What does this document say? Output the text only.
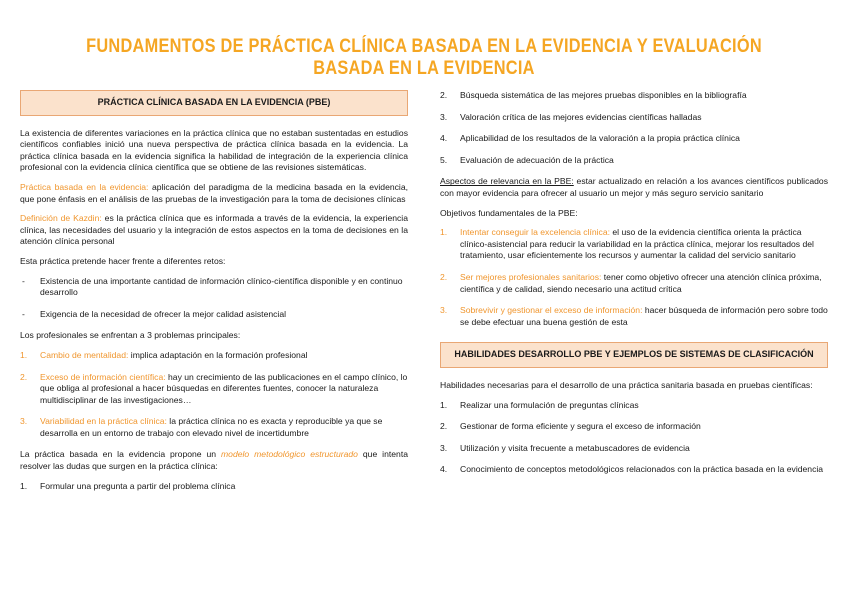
FUNDAMENTOS DE PRÁCTICA CLÍNICA BASADA EN LA EVIDENCIA Y EVALUACIÓN BASADA EN LA EVIDENCIA
PRÁCTICA CLÍNICA BASADA EN LA EVIDENCIA (PBE)

La existencia de diferentes variaciones en la práctica clínica que no estaban sustentadas en estudios científicos confiables inició una nueva perspectiva de práctica clínica basada en la evidencia. La práctica clínica basada en la evidencia significa la habilidad de integración de la experiencia clínica profesional con la evidencia clínica científica que se obtiene de las revisiones sistemáticas.

Práctica basada en la evidencia: aplicación del paradigma de la medicina basada en la evidencia, que pone énfasis en el análisis de las pruebas de la investigación para la toma de decisiones clínicas

Definición de Kazdin: es la práctica clínica que es informada a través de la evidencia, la experiencia clínica, las necesidades del usuario y la integración de estos aspectos en la toma de decisiones en la atención clínica personal

Esta práctica pretende hacer frente a diferentes retos:

- Existencia de una importante cantidad de información clínico-científica disponible y en continuo desarrollo
- Exigencia de la necesidad de ofrecer la mejor calidad asistencial

Los profesionales se enfrentan a 3 problemas principales:

1. Cambio de mentalidad: implica adaptación en la formación profesional
2. Exceso de información científica: hay un crecimiento de las publicaciones en el campo clínico, lo que obliga al profesional a hacer búsquedas en diferentes fuentes, conocer la naturaleza multidisciplinar de las investigaciones…
3. Variabilidad en la práctica clínica: la práctica clínica no es exacta y reproducible ya que se desarrolla en un entorno de trabajo con elevado nivel de incertidumbre

La práctica basada en la evidencia propone un modelo metodológico estructurado que intenta resolver las dudas que surgen en la práctica clínica:

1. Formular una pregunta a partir del problema clínica
2. Búsqueda sistemática de las mejores pruebas disponibles en la bibliografía
3. Valoración crítica de las mejores evidencias científicas halladas
4. Aplicabilidad de los resultados de la valoración a la propia práctica clínica
5. Evaluación de adecuación de la práctica

Aspectos de relevancia en la PBE: estar actualizado en relación a los avances científicos publicados con mayor evidencia para ofrecer al usuario un mejor y más seguro servicio sanitario

Objetivos fundamentales de la PBE:

1. Intentar conseguir la excelencia clínica: el uso de la evidencia científica orienta la práctica clínico-asistencial para reducir la variabilidad en la práctica clínica, mejorar los resultados del tratamiento, usar eficientemente los recursos y aumentar la calidad del servicio sanitario
2. Ser mejores profesionales sanitarios: tener como objetivo ofrecer una atención clínica próxima, científica y de calidad, siendo necesario una actitud crítica
3. Sobrevivir y gestionar el exceso de información: hacer búsqueda de información pero sobre todo se debe efectuar una buena gestión de esta
HABILIDADES DESARROLLO PBE Y EJEMPLOS DE SISTEMAS DE CLASIFICACIÓN

Habilidades necesarias para el desarrollo de una práctica sanitaria basada en pruebas científicas:

1. Realizar una formulación de preguntas clínicas
2. Gestionar de forma eficiente y segura el exceso de información
3. Utilización y visita frecuente a metabuscadores de evidencia
4. Conocimiento de conceptos metodológicos relacionados con la práctica basada en la evidencia
